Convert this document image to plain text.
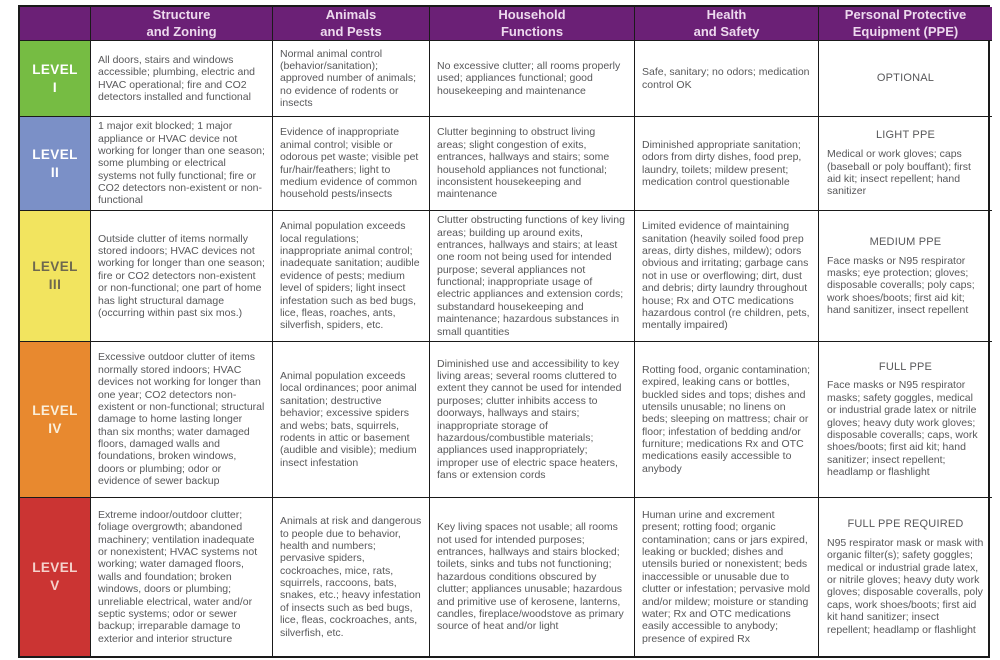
Structure
and Zoning
Animals
and Pests
Household
Functions
Health
and Safety
Personal Protective
Equipment (PPE)
LEVEL
I
All doors, stairs and windows accessible; plumbing, electric and HVAC operational; fire and CO2 detectors installed and functional
Normal animal control (behavior/sanitation); approved number of animals; no evidence of rodents or insects
No excessive clutter; all rooms properly used; appliances functional; good housekeeping and maintenance
Safe, sanitary; no odors; medication control OK
OPTIONAL
LEVEL
II
1 major exit blocked; 1 major appliance or HVAC device not working for longer than one season; some plumbing or electrical systems not fully functional; fire or CO2 detectors non-existent or non-functional
Evidence of inappropriate animal control; visible or odorous pet waste; visible pet fur/hair/feathers; light to medium evidence of common household pests/insects
Clutter beginning to obstruct living areas; slight congestion of exits, entrances, hallways and stairs; some household appliances not functional; inconsistent housekeeping and maintenance
Diminished appropriate sanitation; odors from dirty dishes, food prep, laundry, toilets; mildew present; medication control questionable
LIGHT PPE
Medical or work gloves; caps (baseball or poly bouffant); first aid kit; insect repellent; hand sanitizer
LEVEL
III
Outside clutter of items normally stored indoors; HVAC devices not working for longer than one season; fire or CO2 detectors non-existent or non-functional; one part of home has light structural damage (occurring within past six mos.)
Animal population exceeds local regulations; inappropriate animal control; inadequate sanitation; audible evidence of pests; medium level of spiders; light insect infestation such as bed bugs, lice, fleas, roaches, ants, silverfish, spiders, etc.
Clutter obstructing functions of key living areas; building up around exits, entrances, hallways and stairs; at least one room not being used for intended purpose; several appliances not functional; inappropriate usage of electric appliances and extension cords; substandard housekeeping and maintenance; hazardous substances in small quantities
Limited evidence of maintaining sanitation (heavily soiled food prep areas, dirty dishes, mildew); odors obvious and irritating; garbage cans not in use or overflowing; dirt, dust and debris; dirty laundry throughout house; Rx and OTC medications hazardous control (re children, pets, mentally impaired)
MEDIUM PPE
Face masks or N95 respirator masks; eye protection; gloves; disposable coveralls; poly caps; work shoes/boots; first aid kit; hand sanitizer, insect repellent
LEVEL
IV
Excessive outdoor clutter of items normally stored indoors; HVAC devices not working for longer than one year; CO2 detectors non-existent or non-functional; structural damage to home lasting longer than six months; water damaged floors, damaged walls and foundations, broken windows, doors or plumbing; odor or evidence of sewer backup
Animal population exceeds local ordinances; poor animal sanitation; destructive behavior; excessive spiders and webs; bats, squirrels, rodents in attic or basement (audible and visible); medium insect infestation
Diminished use and accessibility to key living areas; several rooms cluttered to extent they cannot be used for intended purposes; clutter inhibits access to doorways, hallways and stairs; inappropriate storage of hazardous/combustible materials; appliances used inappropriately; improper use of electric space heaters, fans or extension cords
Rotting food, organic contamination; expired, leaking cans or bottles, buckled sides and tops; dishes and utensils unusable; no linens on beds; sleeping on mattress; chair or floor; infestation of bedding and/or furniture; medications Rx and OTC medications easily accessible to anybody
FULL PPE
Face masks or N95 respirator masks; safety goggles, medical or industrial grade latex or nitrile gloves; heavy duty work gloves; disposable coveralls; caps, work shoes/boots; first aid kit; hand sanitizer; insect repellent; headlamp or flashlight
LEVEL
V
Extreme indoor/outdoor clutter; foliage overgrowth; abandoned machinery; ventilation inadequate or nonexistent; HVAC systems not working; water damaged floors, walls and foundation; broken windows, doors or plumbing; unreliable electrical, water and/or septic systems; odor or sewer backup; irreparable damage to exterior and interior structure
Animals at risk and dangerous to people due to behavior, health and numbers; pervasive spiders, cockroaches, mice, rats, squirrels, raccoons, bats, snakes, etc.; heavy infestation of insects such as bed bugs, lice, fleas, cockroaches, ants, silverfish, etc.
Key living spaces not usable; all rooms not used for intended purposes; entrances, hallways and stairs blocked; toilets, sinks and tubs not functioning; hazardous conditions obscured by clutter; appliances unusable; hazardous and primitive use of kerosene, lanterns, candles, fireplace/woodstove as primary source of heat and/or light
Human urine and excrement present; rotting food; organic contamination; cans or jars expired, leaking or buckled; dishes and utensils buried or nonexistent; beds inaccessible or unusable due to clutter or infestation; pervasive mold and/or mildew; moisture or standing water; Rx and OTC medications easily accessible to anybody; presence of expired Rx
FULL PPE REQUIRED
N95 respirator mask or mask with organic filter(s); safety goggles; medical or industrial grade latex, or nitrile gloves; heavy duty work gloves; disposable coveralls, poly caps, work shoes/boots; first aid kit hand sanitizer; insect repellent; headlamp or flashlight
